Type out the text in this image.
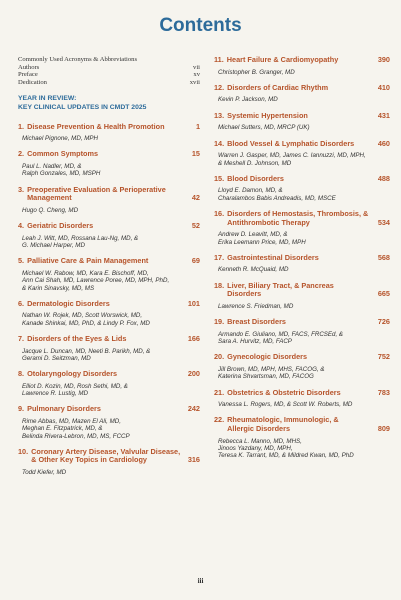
Contents
Commonly Used Acronyms & Abbreviations
Authors	vii
Preface	xv
Dedication	xvii
YEAR IN REVIEW:
KEY CLINICAL UPDATES IN CMDT 2025
1. Disease Prevention & Health Promotion	1
Michael Pignone, MD, MPH
2. Common Symptoms	15
Paul L. Nadler, MD, &
Ralph Gonzales, MD, MSPH
3. Preoperative Evaluation & Perioperative
Management	42
Hugo Q. Cheng, MD
4. Geriatric Disorders	52
Leah J. Witt, MD, Rossana Lau-Ng, MD, &
G. Michael Harper, MD
5. Palliative Care & Pain Management	69
Michael W. Rabow, MD, Kara E. Bischoff, MD,
Ann Cai Shah, MD, Lawrence Poree, MD, MPH, PhD,
& Karin Sinavsky, MD, MS
6. Dermatologic Disorders	101
Nathan W. Rojek, MD, Scott Worswick, MD,
Kanade Shinkai, MD, PhD, & Lindy P. Fox, MD
7. Disorders of the Eyes & Lids	166
Jacque L. Duncan, MD, Neeti B. Parikh, MD, &
Gerami D. Seitzman, MD
8. Otolaryngology Disorders	200
Elliot D. Kozin, MD, Rosh Sethi, MD, &
Lawrence R. Lustig, MD
9. Pulmonary Disorders	242
Rime Abbas, MD, Mazen El Ali, MD,
Meghan E. Fitzpatrick, MD, &
Belinda Rivera-Lebron, MD, MS, FCCP
10. Coronary Artery Disease, Valvular Disease,
& Other Key Topics in Cardiology	316
Todd Kiefer, MD
11. Heart Failure & Cardiomyopathy	390
Christopher B. Granger, MD
12. Disorders of Cardiac Rhythm	410
Kevin P. Jackson, MD
13. Systemic Hypertension	431
Michael Sutters, MD, MRCP (UK)
14. Blood Vessel & Lymphatic Disorders	460
Warren J. Gasper, MD, James C. Iannuzzi, MD, MPH,
& Meshell D. Johnson, MD
15. Blood Disorders	488
Lloyd E. Damon, MD, &
Charalambos Babis Andreadis, MD, MSCE
16. Disorders of Hemostasis, Thrombosis, &
Antithrombotic Therapy	534
Andrew D. Leavitt, MD, &
Erika Leemann Price, MD, MPH
17. Gastrointestinal Disorders	568
Kenneth R. McQuaid, MD
18. Liver, Biliary Tract, & Pancreas
Disorders	665
Lawrence S. Friedman, MD
19. Breast Disorders	726
Armando E. Giuliano, MD, FACS, FRCSEd, &
Sara A. Hurvitz, MD, FACP
20. Gynecologic Disorders	752
Jill Brown, MD, MPH, MHS, FACOG, &
Katerina Shvartsman, MD, FACOG
21. Obstetrics & Obstetric Disorders	783
Vanessa L. Rogers, MD, & Scott W. Roberts, MD
22. Rheumatologic, Immunologic, &
Allergic Disorders	809
Rebecca L. Manno, MD, MHS,
Jinoos Yazdany, MD, MPH,
Teresa K. Tarrant, MD, & Mildred Kwan, MD, PhD
iii
